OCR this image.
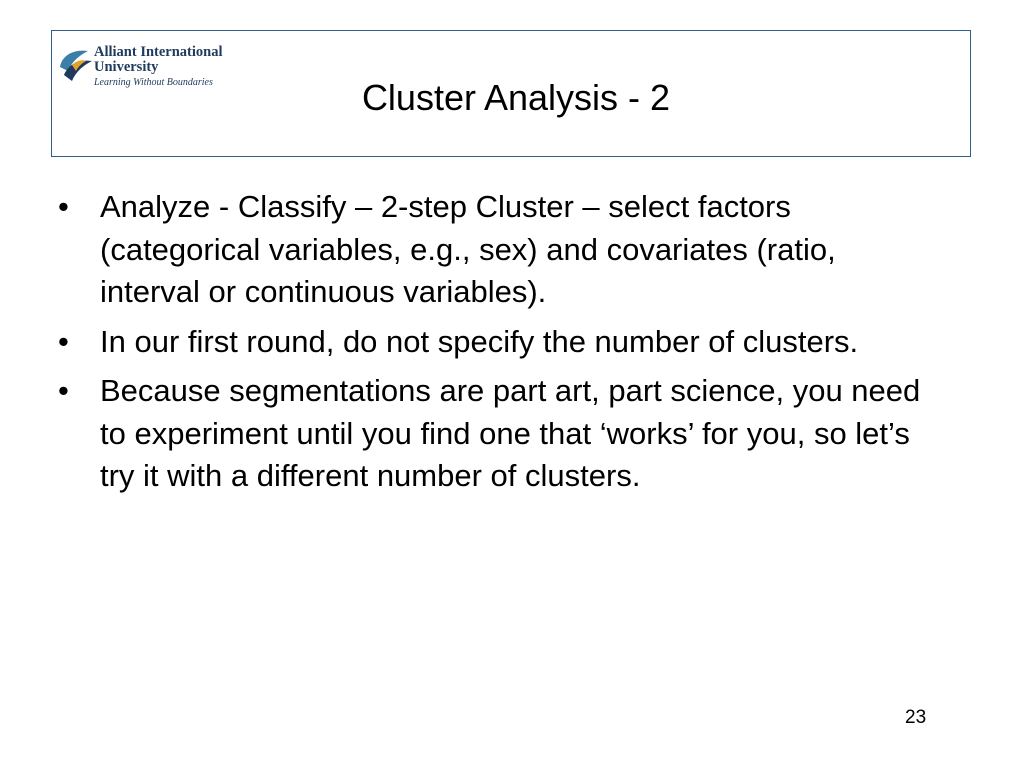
Alliant International
University
Learning Without Boundaries	Cluster Analysis - 2
• Analyze - Classify – 2-step Cluster – select factors (categorical variables, e.g., sex) and covariates (ratio, interval or continuous variables).
• In our first round, do not specify the number of clusters.
• Because segmentations are part art, part science, you need to experiment until you find one that ‘works’ for you, so let’s try it with a different number of clusters.
23
